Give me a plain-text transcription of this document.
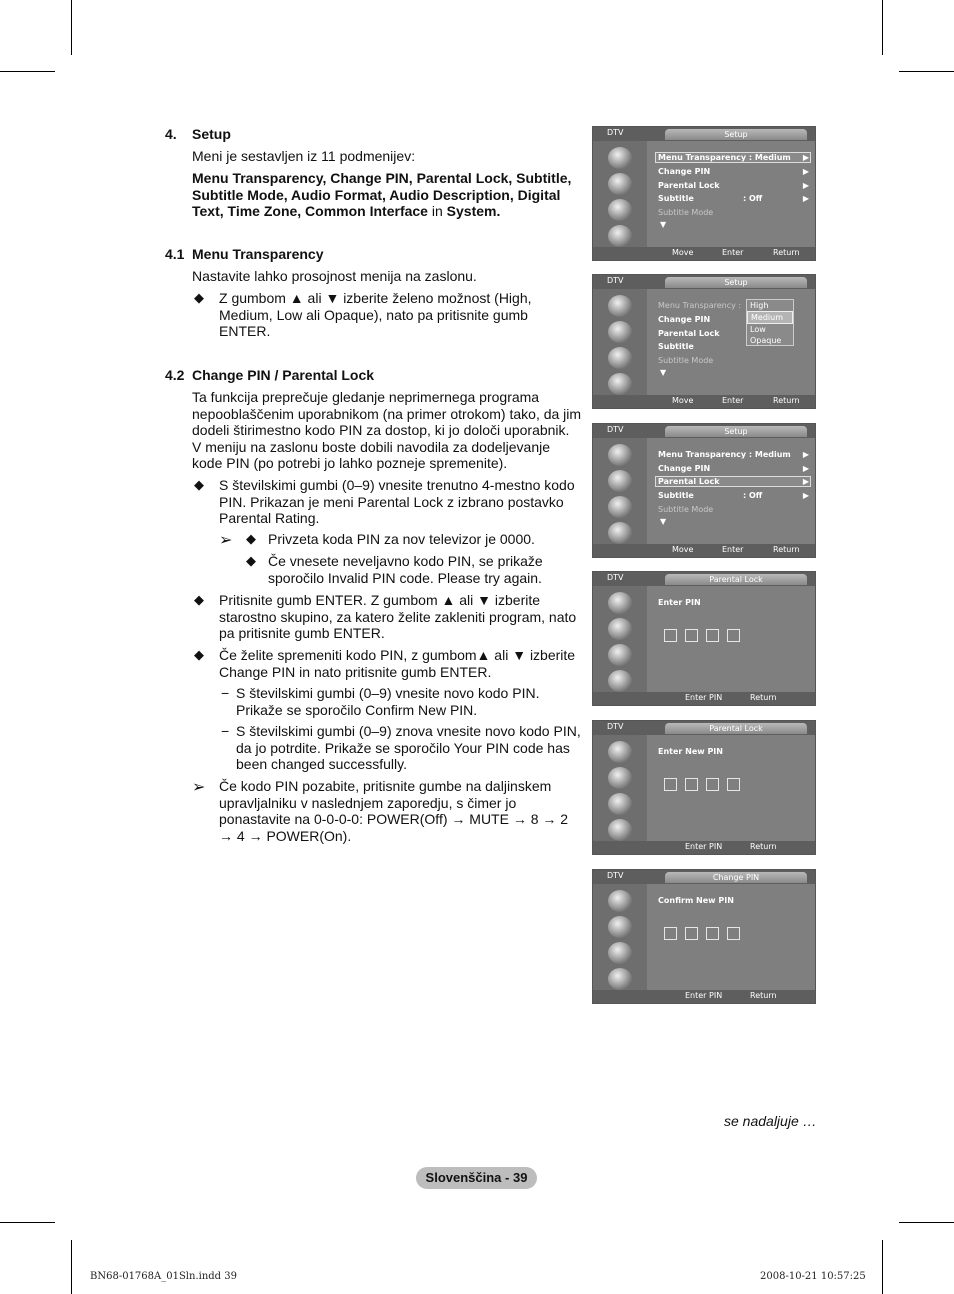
4. Setup
Meni je sestavljen iz 11 podmenijev:
Menu Transparency, Change PIN, Parental Lock, Subtitle, Subtitle Mode, Audio Format, Audio Description, Digital Text, Time Zone, Common Interface in System.
4.1 Menu Transparency
Nastavite lahko prosojnost menija na zaslonu.
◆ Z gumbom ▲ ali ▼ izberite želeno možnost (High, Medium, Low ali Opaque), nato pa pritisnite gumb ENTER.
4.2 Change PIN / Parental Lock
Ta funkcija preprečuje gledanje neprimernega programa nepooblaščenim uporabnikom (na primer otrokom) tako, da jim dodeli štirimestno kodo PIN za dostop, ki jo določi uporabnik. V meniju na zaslonu boste dobili navodila za dodeljevanje kode PIN (po potrebi jo lahko pozneje spremenite).
◆ S številskimi gumbi (0–9) vnesite trenutno 4-mestno kodo PIN. Prikazan je meni Parental Lock z izbrano postavko Parental Rating.
➢ ◆ Privzeta koda PIN za nov televizor je 0000.
◆ Če vnesete neveljavno kodo PIN, se prikaže sporočilo Invalid PIN code. Please try again.
◆ Pritisnite gumb ENTER. Z gumbom ▲ ali ▼ izberite starostno skupino, za katero želite zakleniti program, nato pa pritisnite gumb ENTER.
◆ Če želite spremeniti kodo PIN, z gumbom▲ ali ▼ izberite Change PIN in nato pritisnite gumb ENTER.
− S številskimi gumbi (0–9) vnesite novo kodo PIN. Prikaže se sporočilo Confirm New PIN.
− S številskimi gumbi (0–9) znova vnesite novo kodo PIN, da jo potrdite. Prikaže se sporočilo Your PIN code has been changed successfully.
➢ Če kodo PIN pozabite, pritisnite gumbe na daljinskem upravljalniku v naslednjem zaporedju, s čimer jo ponastavite na 0-0-0-0: POWER(Off) → MUTE → 8 → 2 → 4 → POWER(On).
DTV	Setup
Menu Transparency : Medium ▶
Change PIN	▶
Parental Lock	▶
Subtitle	: Off	▶
Subtitle Mode
▼
Move	Enter	Return
DTV	Setup
Menu Transparency :
Change PIN
Parental Lock
Subtitle
Subtitle Mode
▼
High
Medium
Low
Opaque
Move	Enter	Return
DTV	Setup
Menu Transparency : Medium ▶
Change PIN	▶
Parental Lock	▶
Subtitle	: Off	▶
Subtitle Mode
▼
Move	Enter	Return
DTV	Parental Lock
Enter PIN
Enter PIN	Return
DTV	Parental Lock
Enter New PIN
Enter PIN	Return
DTV	Change PIN
Confirm New PIN
Enter PIN	Return
se nadaljuje …
Slovenščina - 39
BN68-01768A_01Sln.indd 39	2008-10-21 10:57:25
